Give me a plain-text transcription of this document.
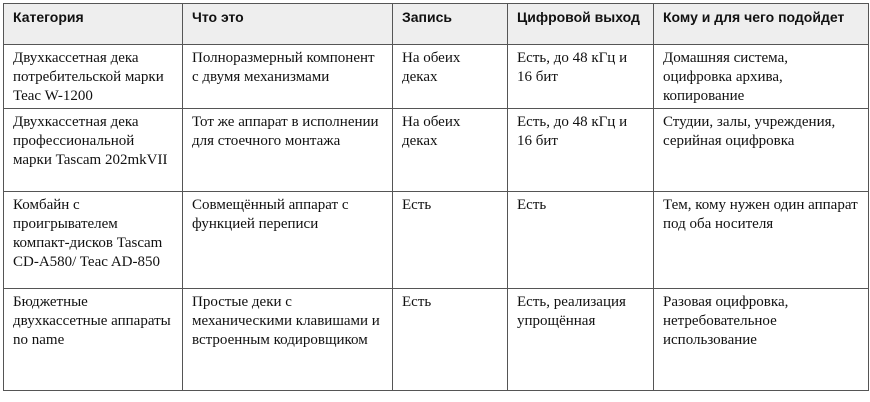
Категория	Что это	Запись	Цифровой выход	Кому и для чего подойдет
Двухкассетная дека потребительской марки Teac W-1200	Полноразмерный компонент с двумя механизмами	На обеих деках	Есть, до 48 кГц и 16 бит	Домашняя система, оцифровка архива, копирование
Двухкассетная дека профессиональной марки Tascam 202mkVII	Тот же аппарат в исполнении для стоечного монтажа	На обеих деках	Есть, до 48 кГц и 16 бит	Студии, залы, учреждения, серийная оцифровка
Комбайн с проигрывателем компакт-дисков Tascam CD-A580/ Teac AD-850	Совмещённый аппарат с функцией переписи	Есть	Есть	Тем, кому нужен один аппарат под оба носителя
Бюджетные двухкассетные аппараты no name	Простые деки с механическими клавишами и встроенным кодировщиком	Есть	Есть, реализация упрощённая	Разовая оцифровка, нетребовательное использование
